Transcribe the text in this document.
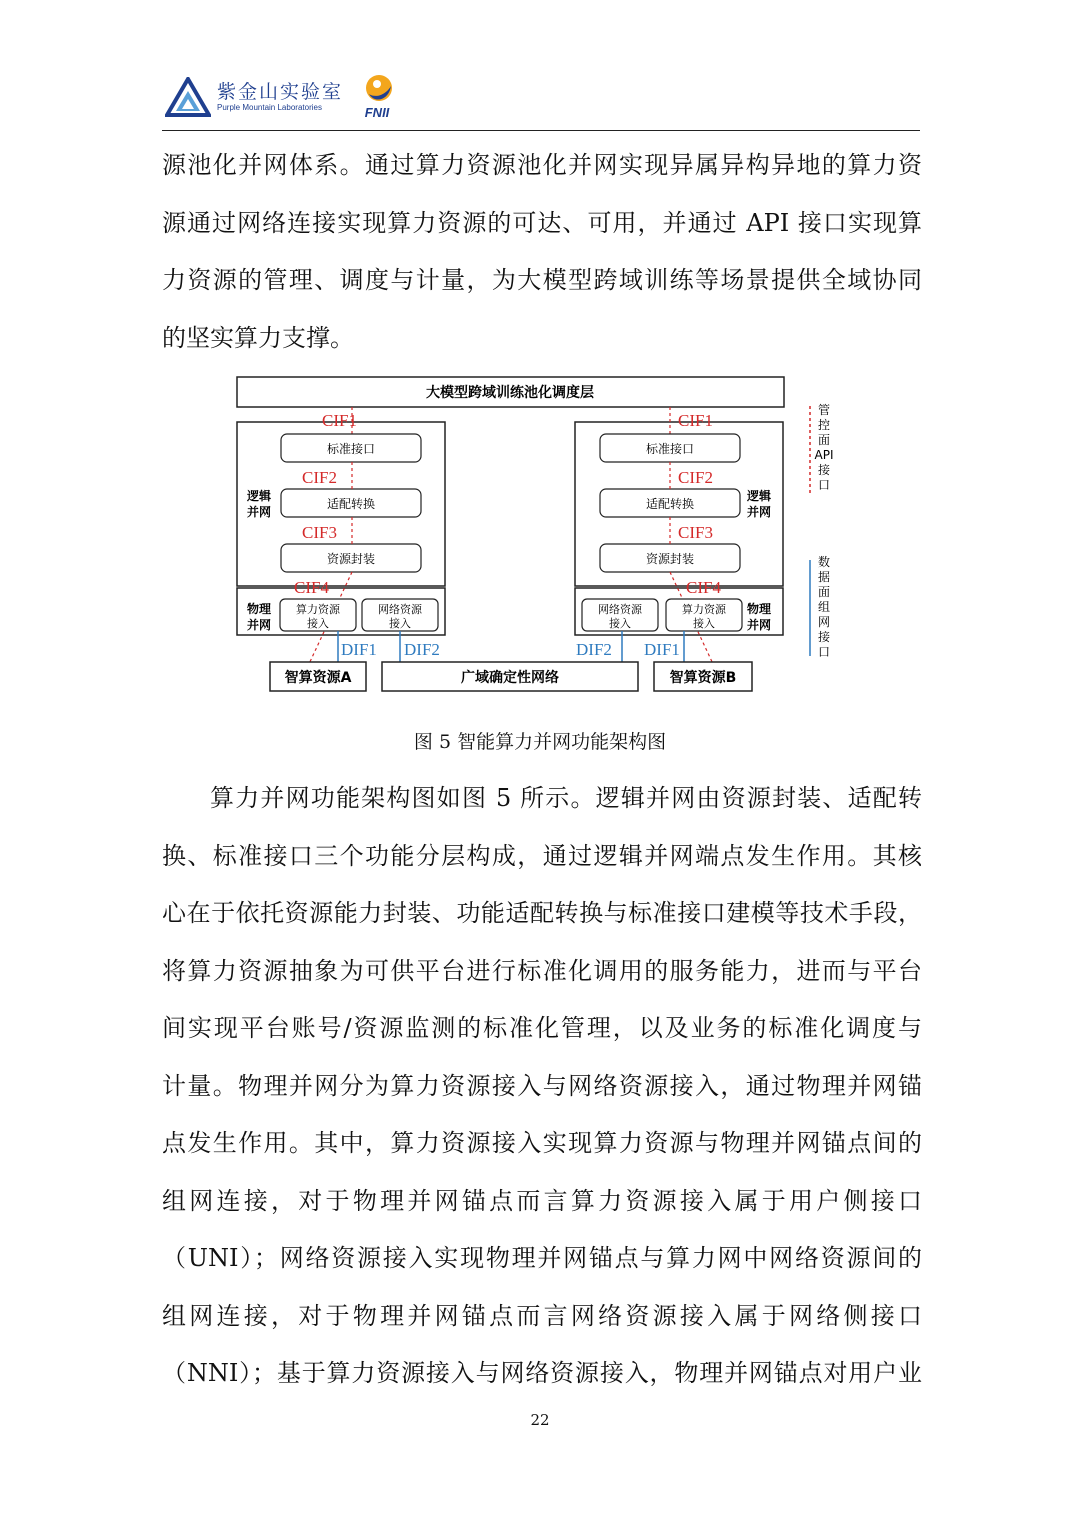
紫金山实验室
Purple Mountain Laboratories	FNII
源池化并网体系。通过算力资源池化并网实现异属异构异地的算力资
源通过网络连接实现算力资源的可达、可用，并通过 API 接口实现算
力资源的管理、调度与计量，为大模型跨域训练等场景提供全域协同
的坚实算力支撑。
大模型跨域训练池化调度层
标准接口
适配转换
资源封装
标准接口
适配转换
资源封装
CIF1
CIF2
CIF3
CIF4
CIF1
CIF2
CIF3
CIF4
逻辑
并网
逻辑
并网
物理
并网
物理
并网
算力资源
接入
网络资源
接入
网络资源
接入
算力资源
接入
DIF1 DIF2	DIF2 DIF1
智算资源A	广域确定性网络	智算资源B
管
控
面
API
接
口
数
据
面
组
网
接
口
图 5 智能算力并网功能架构图
算力并网功能架构图如图 5 所示。逻辑并网由资源封装、适配转
换、标准接口三个功能分层构成，通过逻辑并网端点发生作用。其核
心在于依托资源能力封装、功能适配转换与标准接口建模等技术手段，
将算力资源抽象为可供平台进行标准化调用的服务能力，进而与平台
间实现平台账号/资源监测的标准化管理，以及业务的标准化调度与
计量。物理并网分为算力资源接入与网络资源接入，通过物理并网锚
点发生作用。其中，算力资源接入实现算力资源与物理并网锚点间的
组网连接，对于物理并网锚点而言算力资源接入属于用户侧接口
（UNI）；网络资源接入实现物理并网锚点与算力网中网络资源间的
组网连接，对于物理并网锚点而言网络资源接入属于网络侧接口
（NNI）；基于算力资源接入与网络资源接入，物理并网锚点对用户业
22
